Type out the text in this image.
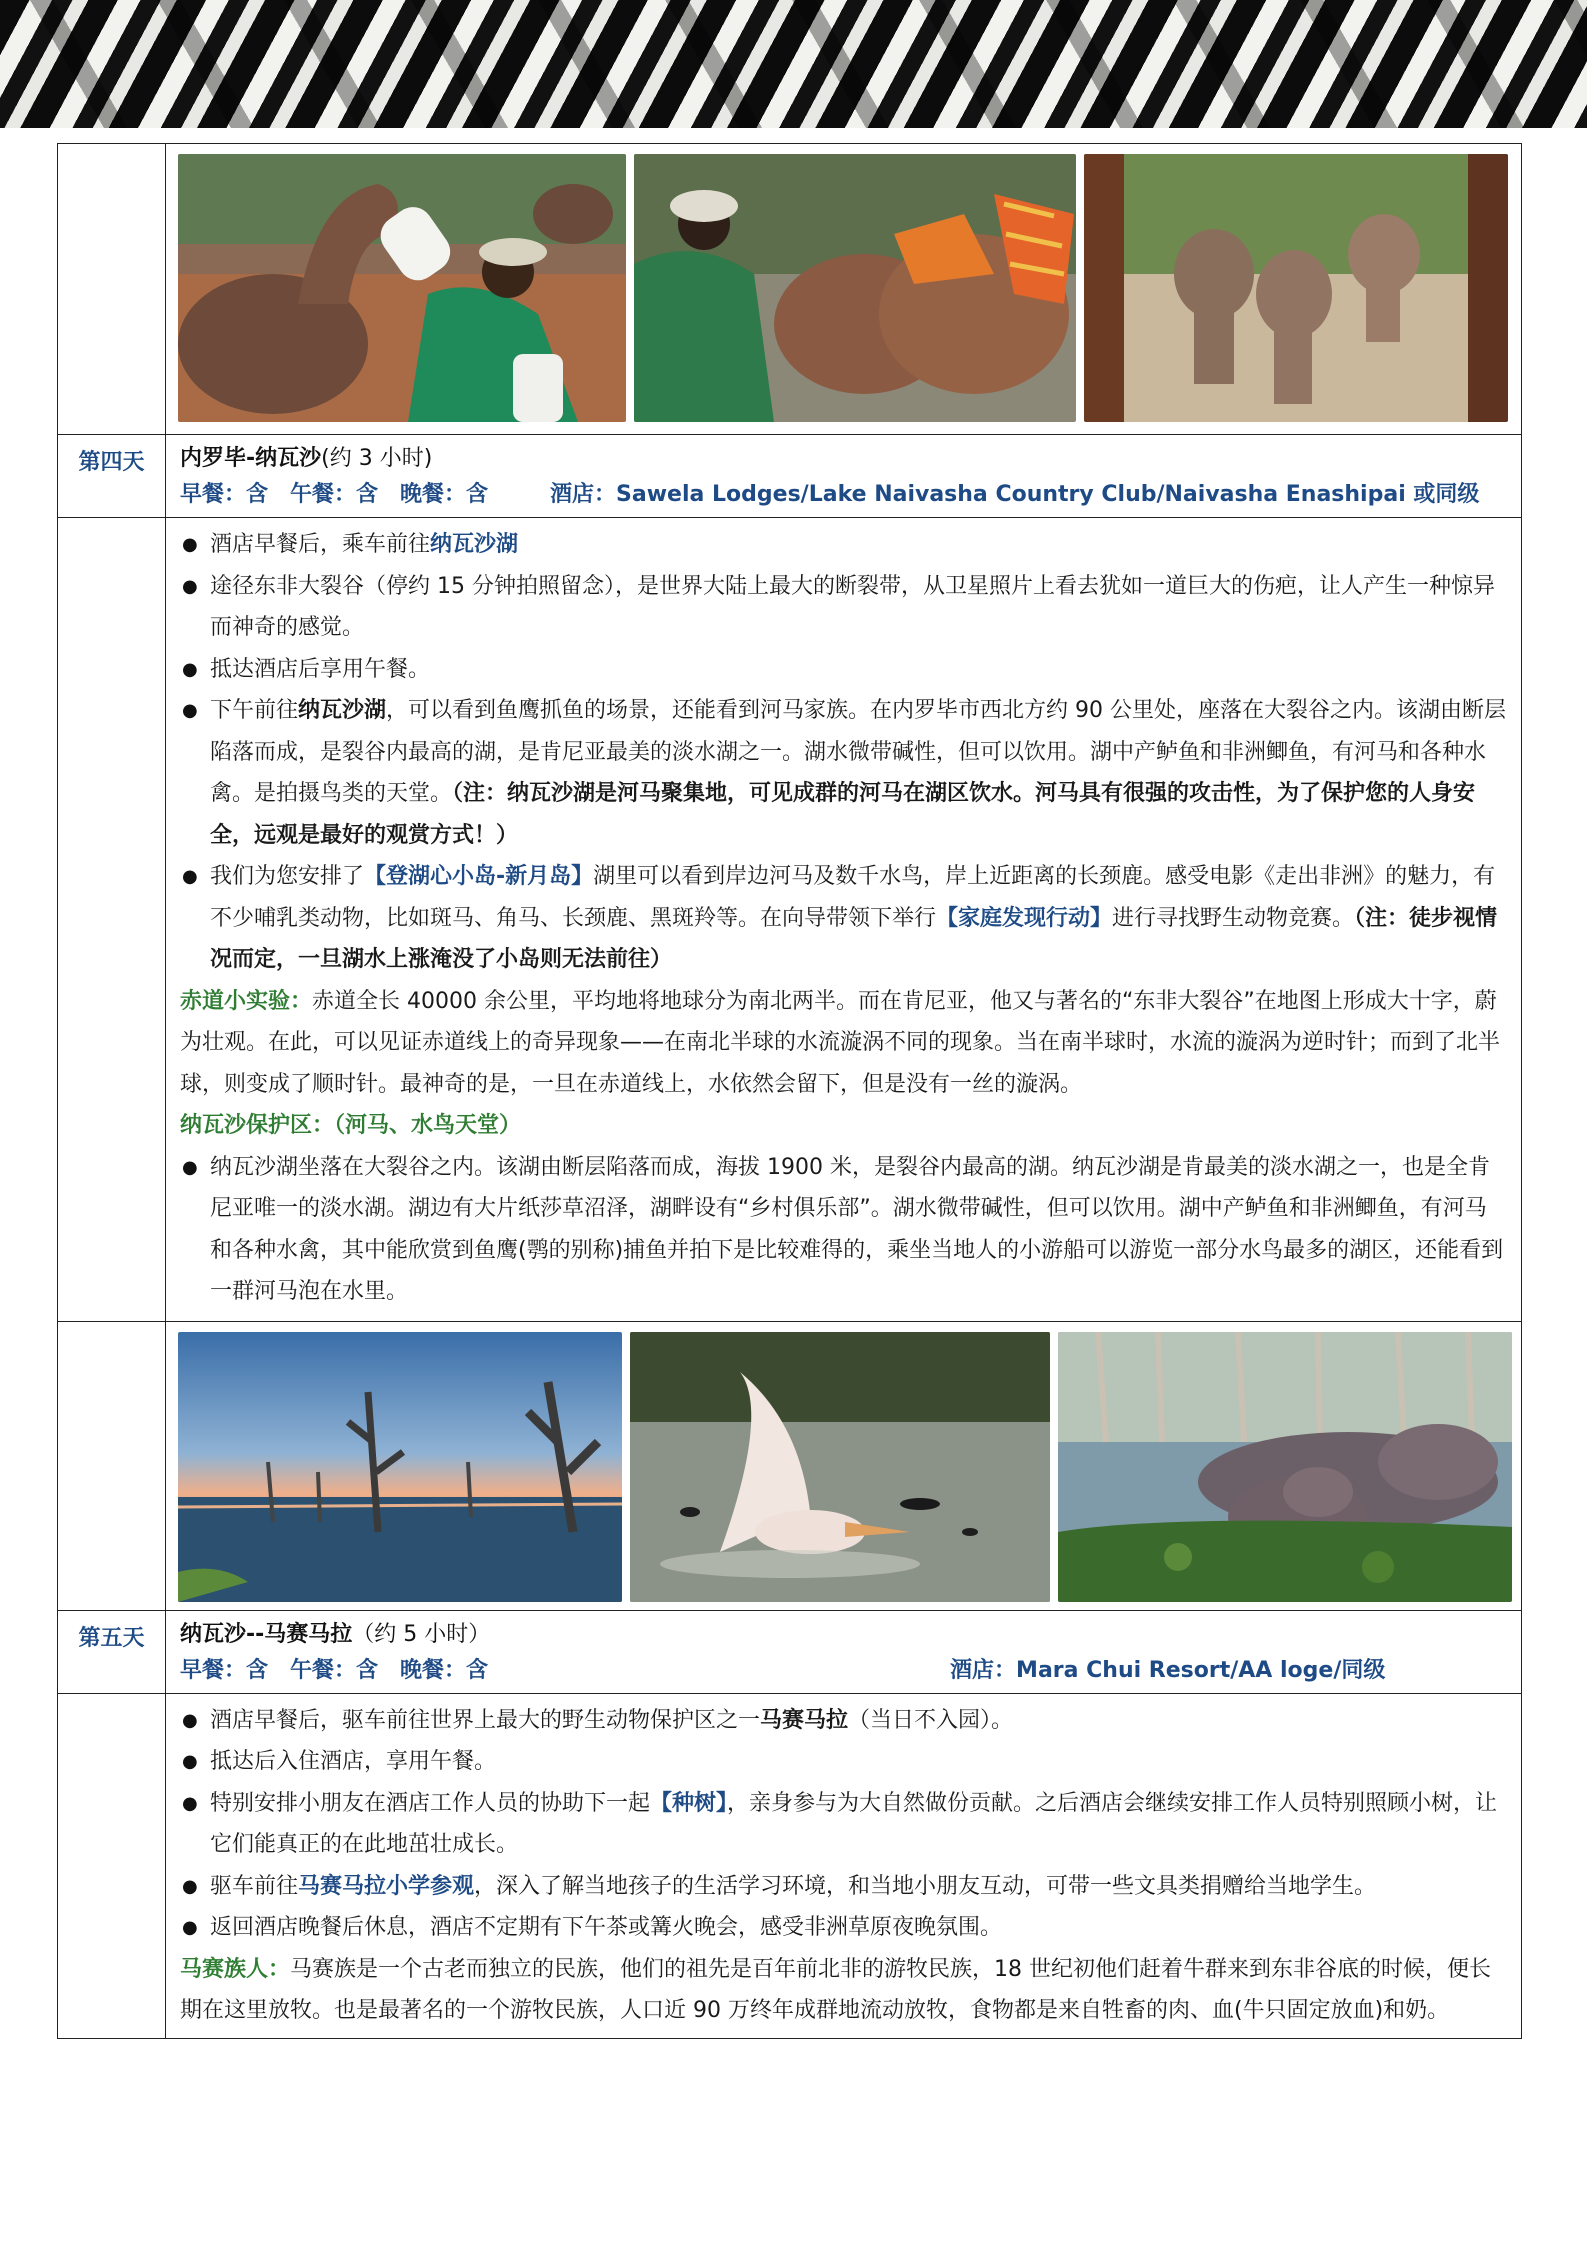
第四天	内罗毕-纳瓦沙(约 3 小时)
早餐：含 午餐：含 晚餐：含	酒店：Sawela Lodges/Lake Naivasha Country Club/Naivasha Enashipai 或同级
● 酒店早餐后，乘车前往纳瓦沙湖
● 途径东非大裂谷（停约 15 分钟拍照留念），是世界大陆上最大的断裂带，从卫星照片上看去犹如一道巨大的伤疤，让人产生一种惊异而神奇的感觉。
● 抵达酒店后享用午餐。
● 下午前往纳瓦沙湖，可以看到鱼鹰抓鱼的场景，还能看到河马家族。在内罗毕市西北方约 90 公里处，座落在大裂谷之内。该湖由断层陷落而成，是裂谷内最高的湖，是肯尼亚最美的淡水湖之一。湖水微带碱性，但可以饮用。湖中产鲈鱼和非洲鲫鱼，有河马和各种水禽。是拍摄鸟类的天堂。（注：纳瓦沙湖是河马聚集地，可见成群的河马在湖区饮水。河马具有很强的攻击性，为了保护您的人身安全，远观是最好的观赏方式！）
● 我们为您安排了【登湖心小岛-新月岛】湖里可以看到岸边河马及数千水鸟，岸上近距离的长颈鹿。感受电影《走出非洲》的魅力，有不少哺乳类动物，比如斑马、角马、长颈鹿、黑斑羚等。在向导带领下举行【家庭发现行动】进行寻找野生动物竞赛。（注：徒步视情况而定，一旦湖水上涨淹没了小岛则无法前往）
赤道小实验：赤道全长 40000 余公里，平均地将地球分为南北两半。而在肯尼亚，他又与著名的“东非大裂谷”在地图上形成大十字，蔚为壮观。在此，可以见证赤道线上的奇异现象——在南北半球的水流漩涡不同的现象。当在南半球时，水流的漩涡为逆时针；而到了北半球，则变成了顺时针。最神奇的是，一旦在赤道线上，水依然会留下，但是没有一丝的漩涡。
纳瓦沙保护区：（河马、水鸟天堂）
● 纳瓦沙湖坐落在大裂谷之内。该湖由断层陷落而成，海拔 1900 米，是裂谷内最高的湖。纳瓦沙湖是肯最美的淡水湖之一，也是全肯尼亚唯一的淡水湖。湖边有大片纸莎草沼泽，湖畔设有“乡村俱乐部”。湖水微带碱性，但可以饮用。湖中产鲈鱼和非洲鲫鱼，有河马和各种水禽，其中能欣赏到鱼鹰(鹗的别称)捕鱼并拍下是比较难得的，乘坐当地人的小游船可以游览一部分水鸟最多的湖区，还能看到一群河马泡在水里。
第五天	纳瓦沙--马赛马拉（约 5 小时）
早餐：含 午餐：含 晚餐：含	酒店：Mara Chui Resort/AA loge/同级
● 酒店早餐后，驱车前往世界上最大的野生动物保护区之一马赛马拉（当日不入园）。
● 抵达后入住酒店，享用午餐。
● 特别安排小朋友在酒店工作人员的协助下一起【种树】，亲身参与为大自然做份贡献。之后酒店会继续安排工作人员特别照顾小树，让它们能真正的在此地茁壮成长。
● 驱车前往马赛马拉小学参观，深入了解当地孩子的生活学习环境，和当地小朋友互动，可带一些文具类捐赠给当地学生。
● 返回酒店晚餐后休息，酒店不定期有下午茶或篝火晚会，感受非洲草原夜晚氛围。
马赛族人：马赛族是一个古老而独立的民族，他们的祖先是百年前北非的游牧民族，18 世纪初他们赶着牛群来到东非谷底的时候，便长期在这里放牧。也是最著名的一个游牧民族，人口近 90 万终年成群地流动放牧，食物都是来自牲畜的肉、血(牛只固定放血)和奶。
